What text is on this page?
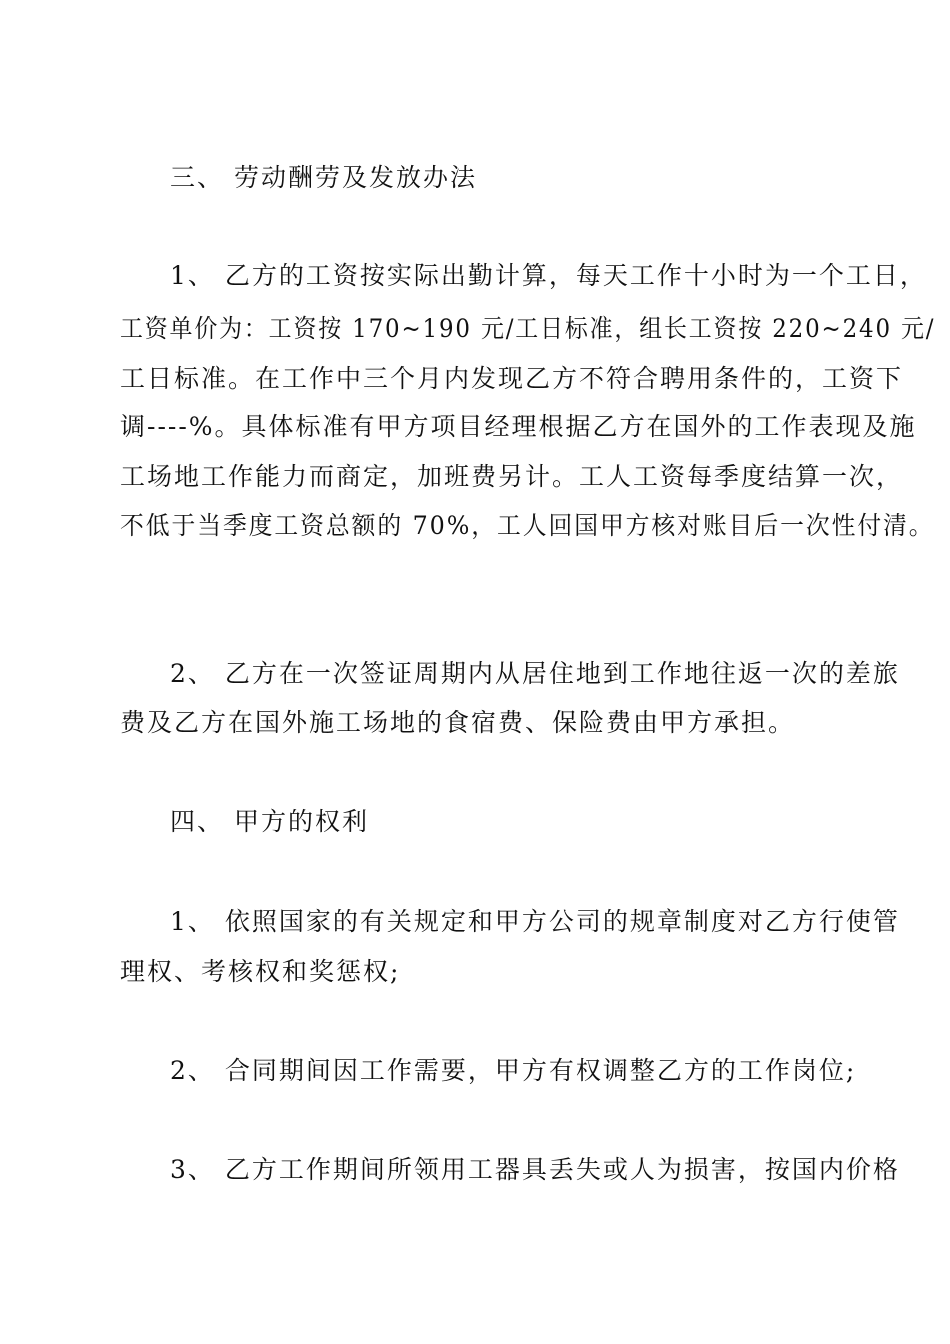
三、 劳动酬劳及发放办法
1、 乙方的工资按实际出勤计算，每天工作十小时为一个工日，
工资单价为：工资按 170~190 元/工日标准，组长工资按 220~240 元/
工日标准。在工作中三个月内发现乙方不符合聘用条件的，工资下
调----%。具体标准有甲方项目经理根据乙方在国外的工作表现及施
工场地工作能力而商定，加班费另计。工人工资每季度结算一次，
不低于当季度工资总额的 70%，工人回国甲方核对账目后一次性付清。
2、 乙方在一次签证周期内从居住地到工作地往返一次的差旅
费及乙方在国外施工场地的食宿费、保险费由甲方承担。
四、 甲方的权利
1、 依照国家的有关规定和甲方公司的规章制度对乙方行使管
理权、考核权和奖惩权;
2、 合同期间因工作需要，甲方有权调整乙方的工作岗位;
3、 乙方工作期间所领用工器具丢失或人为损害，按国内价格
